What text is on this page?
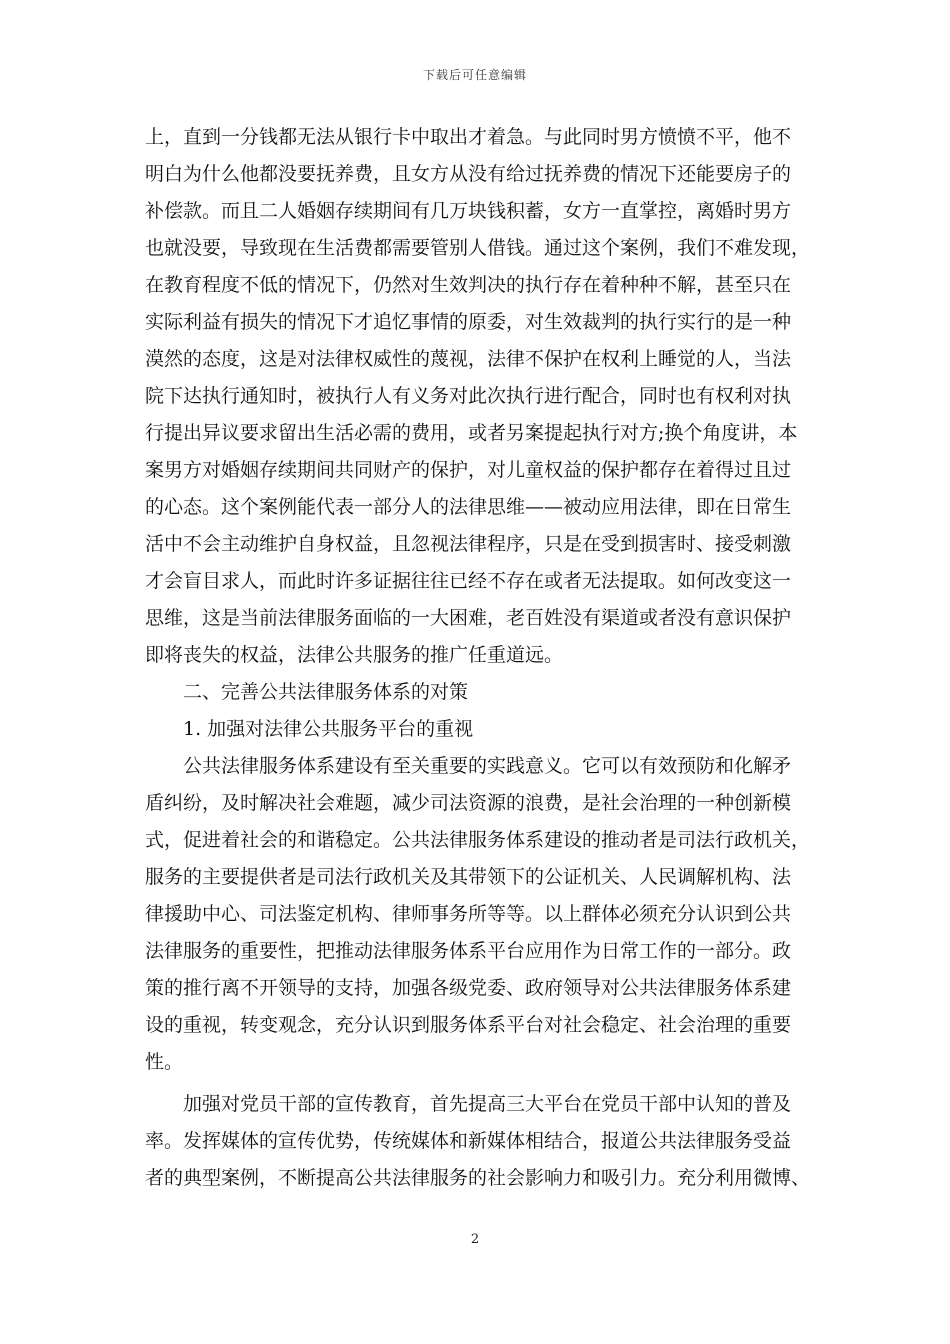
下载后可任意编辑
上，直到一分钱都无法从银行卡中取出才着急。与此同时男方愤愤不平，他不
明白为什么他都没要抚养费，且女方从没有给过抚养费的情况下还能要房子的
补偿款。而且二人婚姻存续期间有几万块钱积蓄，女方一直掌控，离婚时男方
也就没要，导致现在生活费都需要管别人借钱。通过这个案例，我们不难发现，
在教育程度不低的情况下，仍然对生效判决的执行存在着种种不解，甚至只在
实际利益有损失的情况下才追忆事情的原委，对生效裁判的执行实行的是一种
漠然的态度，这是对法律权威性的蔑视，法律不保护在权利上睡觉的人，当法
院下达执行通知时，被执行人有义务对此次执行进行配合，同时也有权利对执
行提出异议要求留出生活必需的费用，或者另案提起执行对方;换个角度讲，本
案男方对婚姻存续期间共同财产的保护，对儿童权益的保护都存在着得过且过
的心态。这个案例能代表一部分人的法律思维——被动应用法律，即在日常生
活中不会主动维护自身权益，且忽视法律程序，只是在受到损害时、接受刺激
才会盲目求人，而此时许多证据往往已经不存在或者无法提取。如何改变这一
思维，这是当前法律服务面临的一大困难，老百姓没有渠道或者没有意识保护
即将丧失的权益，法律公共服务的推广任重道远。
二、完善公共法律服务体系的对策
1. 加强对法律公共服务平台的重视
公共法律服务体系建设有至关重要的实践意义。它可以有效预防和化解矛
盾纠纷，及时解决社会难题，减少司法资源的浪费，是社会治理的一种创新模
式，促进着社会的和谐稳定。公共法律服务体系建设的推动者是司法行政机关，
服务的主要提供者是司法行政机关及其带领下的公证机关、人民调解机构、法
律援助中心、司法鉴定机构、律师事务所等等。以上群体必须充分认识到公共
法律服务的重要性，把推动法律服务体系平台应用作为日常工作的一部分。政
策的推行离不开领导的支持，加强各级党委、政府领导对公共法律服务体系建
设的重视，转变观念，充分认识到服务体系平台对社会稳定、社会治理的重要
性。
加强对党员干部的宣传教育，首先提高三大平台在党员干部中认知的普及
率。发挥媒体的宣传优势，传统媒体和新媒体相结合，报道公共法律服务受益
者的典型案例，不断提高公共法律服务的社会影响力和吸引力。充分利用微博、
2
